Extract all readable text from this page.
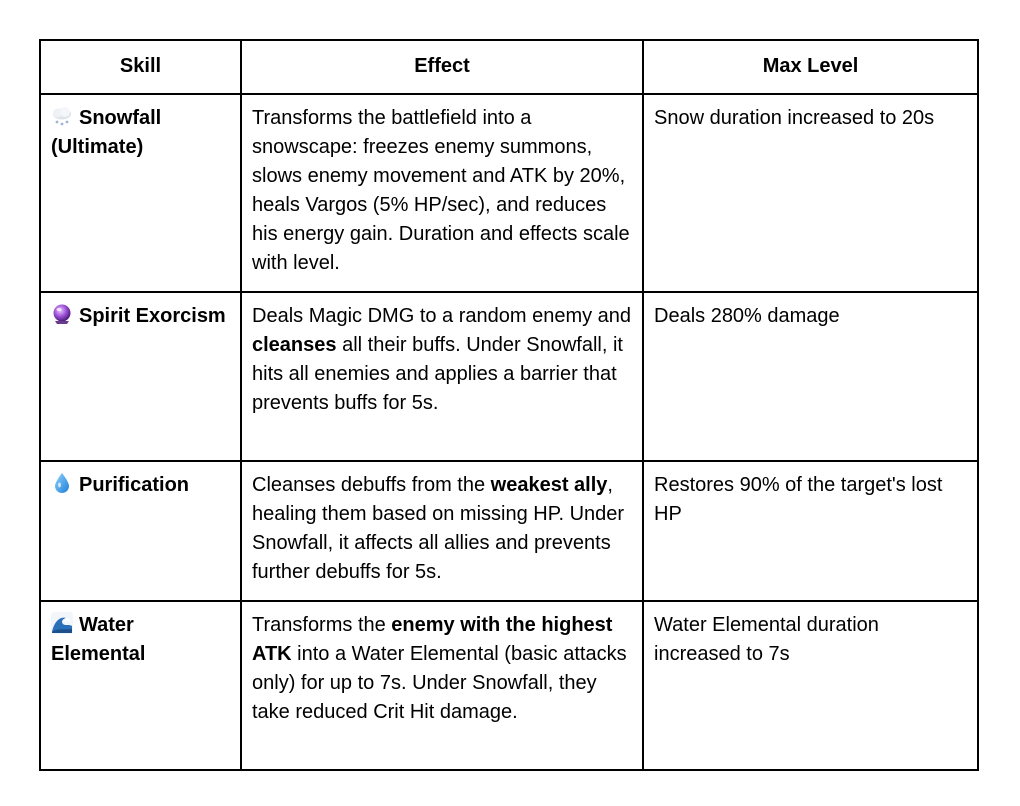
Skill	Effect	Max Level
Snowfall (Ultimate)	Transforms the battlefield into a snowscape: freezes enemy summons, slows enemy movement and ATK by 20%, heals Vargos (5% HP/sec), and reduces his energy gain. Duration and effects scale with level.	Snow duration increased to 20s
Spirit Exorcism	Deals Magic DMG to a random enemy and cleanses all their buffs. Under Snowfall, it hits all enemies and applies a barrier that prevents buffs for 5s.	Deals 280% damage
Purification	Cleanses debuffs from the weakest ally, healing them based on missing HP. Under Snowfall, it affects all allies and prevents further debuffs for 5s.	Restores 90% of the target's lost HP
Water Elemental	Transforms the enemy with the highest ATK into a Water Elemental (basic attacks only) for up to 7s. Under Snowfall, they take reduced Crit Hit damage.	Water Elemental duration increased to 7s
